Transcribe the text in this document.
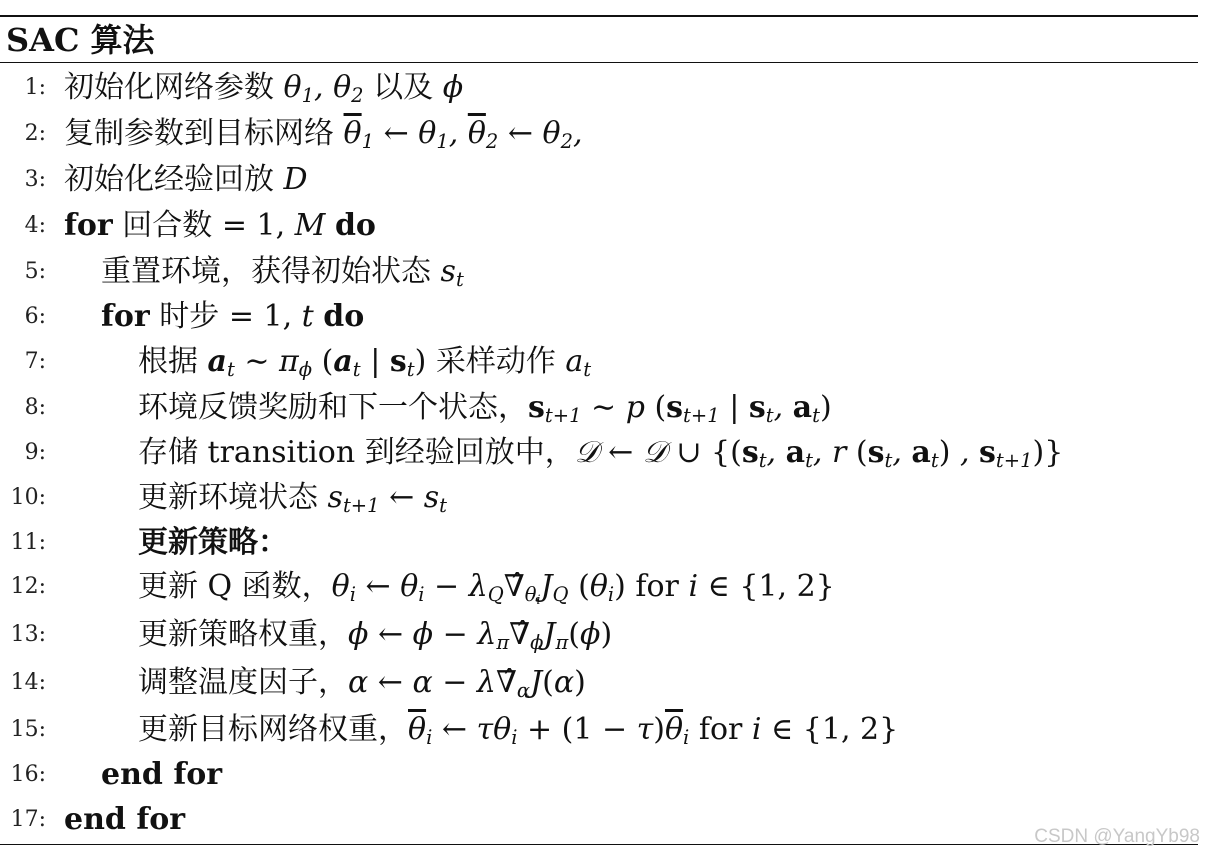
SAC 算法
1: 初始化网络参数 $\theta_1$, $\theta_2$ 以及 ϕ
2: 复制参数到目标网络 $\overline{\theta}_1$ ← $\theta_1$, $\overline{\theta}_2$ ← $\theta_2$,
3: 初始化经验回放 D
4: for 回合数 = 1, M do
5: 重置环境，获得初始状态 $s_t$
6: for 时步 = 1, t do
7:	根据 $a_t$ ∼ $\pi_\phi$ ($a_t$ | $s_t$) 采样动作 $a_t$
8:	环境反馈奖励和下一个状态，$s_{t+1}$ ∼ p ($s_{t+1}$ | $s_t$, $a_t$)
9:	存储 transition 到经验回放中，𝒟 ← 𝒟 ∪ {($s_t$, $a_t$, r ($s_t$, $a_t$) , $s_{t+1}$)}
10:	更新环境状态 $s_{t+1}$ ← $s_t$
11:	更新策略：
12:	更新 Q 函数，$\theta_i$ ← $\theta_i$ − $\lambda_Q\nablâ_{\theta_i}J_Q$ $(\theta_i)$ for i ∈ {1, 2}
13:	更新策略权重，ϕ ← $\phi - \lambda_\pi\nablâ_\phi J_\pi(\phi)$
14:	调整温度因子，α ← $\alpha - \lambda\nablâ_\alpha J(\alpha)$
15:	更新目标网络权重，$\overline{\theta}_i$ ← $\tau\theta_i + (1 - \tau)\overline{\theta}_i$ for i ∈ {1, 2}
16: end for
17: end for	CSDN @YangYb98
